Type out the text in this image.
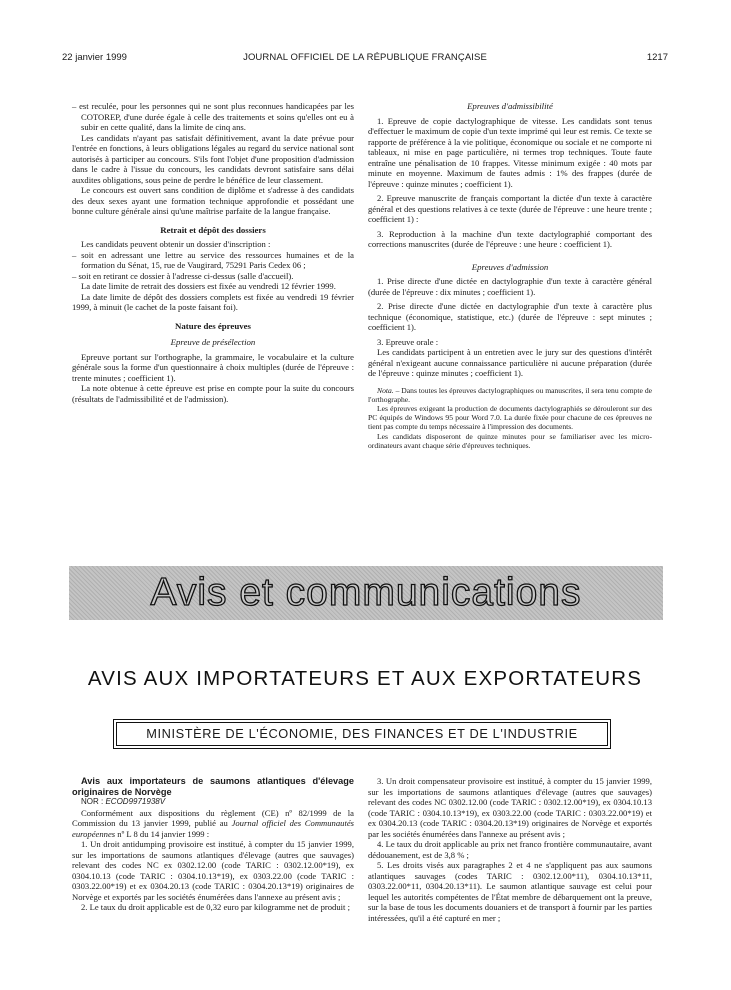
22 janvier 1999	JOURNAL OFFICIEL DE LA RÉPUBLIQUE FRANÇAISE	1217

– est reculée, pour les personnes qui ne sont plus reconnues handicapées par les COTOREP, d'une durée égale à celle des traitements et soins qu'elles ont eu à subir en cette qualité, dans la limite de cinq ans.

Les candidats n'ayant pas satisfait définitivement, avant la date prévue pour l'entrée en fonctions, à leurs obligations légales au regard du service national sont autorisés à participer au concours. S'ils font l'objet d'une proposition d'admission dans le cadre à l'issue du concours, les candidats devront satisfaire sans délai auxdites obligations, sous peine de perdre le bénéfice de leur classement.

Le concours est ouvert sans condition de diplôme et s'adresse à des candidats des deux sexes ayant une formation technique approfondie et possédant une bonne culture générale ainsi qu'une maîtrise parfaite de la langue française.

Retrait et dépôt des dossiers

Les candidats peuvent obtenir un dossier d'inscription :

– soit en adressant une lettre au service des ressources humaines et de la formation du Sénat, 15, rue de Vaugirard, 75291 Paris Cedex 06 ;

– soit en retirant ce dossier à l'adresse ci-dessus (salle d'accueil).

La date limite de retrait des dossiers est fixée au vendredi 12 février 1999.

La date limite de dépôt des dossiers complets est fixée au vendredi 19 février 1999, à minuit (le cachet de la poste faisant foi).

Nature des épreuves
Epreuve de présélection

Epreuve portant sur l'orthographe, la grammaire, le vocabulaire et la culture générale sous la forme d'un questionnaire à choix multiples (durée de l'épreuve : trente minutes ; coefficient 1).

La note obtenue à cette épreuve est prise en compte pour la suite du concours (résultats de l'admissibilité et de l'admission).

Epreuves d'admissibilité

1. Epreuve de copie dactylographique de vitesse. Les candidats sont tenus d'effectuer le maximum de copie d'un texte imprimé qui leur est remis. Ce texte se rapporte de préférence à la vie politique, économique ou sociale et ne comporte ni tableaux, ni mise en page particulière, ni termes trop techniques. Toute faute entraîne une pénalisation de 10 frappes. Vitesse minimum exigée : 40 mots par minute en moyenne. Maximum de fautes admis : 1% des frappes (durée de l'épreuve : quinze minutes ; coefficient 1).

2. Epreuve manuscrite de français comportant la dictée d'un texte à caractère général et des questions relatives à ce texte (durée de l'épreuve : une heure trente ; coefficient 1) :

3. Reproduction à la machine d'un texte dactylographié comportant des corrections manuscrites (durée de l'épreuve : une heure : coefficient 1).

Epreuves d'admission

1. Prise directe d'une dictée en dactylographie d'un texte à caractère général (durée de l'épreuve : dix minutes ; coefficient 1).

2. Prise directe d'une dictée en dactylographie d'un texte à caractère plus technique (économique, statistique, etc.) (durée de l'épreuve : sept minutes ; coefficient 1).

3. Epreuve orale :

Les candidats participent à un entretien avec le jury sur des questions d'intérêt général n'exigeant aucune connaissance particulière ni aucune préparation (durée de l'épreuve : quinze minutes ; coefficient 1).

Nota. – Dans toutes les épreuves dactylographiques ou manuscrites, il sera tenu compte de l'orthographe.

Les épreuves exigeant la production de documents dactylographiés se dérouleront sur des PC équipés de Windows 95 pour Word 7.0. La durée fixée pour chacune de ces épreuves ne tient pas compte du temps nécessaire à l'impression des documents.

Les candidats disposeront de quinze minutes pour se familiariser avec les micro-ordinateurs avant chaque série d'épreuves techniques.

Avis et communications
AVIS AUX IMPORTATEURS ET AUX EXPORTATEURS
MINISTÈRE DE L'ÉCONOMIE, DES FINANCES ET DE L'INDUSTRIE

Avis aux importateurs de saumons atlantiques d'élevage originaires de Norvège

NOR : ECOD9971938V

Conformément aux dispositions du règlement (CE) nº 82/1999 de la Commission du 13 janvier 1999, publié au Journal officiel des Communautés européennes nº L 8 du 14 janvier 1999 :

1. Un droit antidumping provisoire est institué, à compter du 15 janvier 1999, sur les importations de saumons atlantiques d'élevage (autres que sauvages) relevant des codes NC ex 0302.12.00 (code TARIC : 0302.12.00*19), ex 0304.10.13 (code TARIC : 0304.10.13*19), ex 0303.22.00 (code TARIC : 0303.22.00*19) et ex 0304.20.13 (code TARIC : 0304.20.13*19) originaires de Norvège et exportés par les sociétés énumérées dans l'annexe au présent avis ;

2. Le taux du droit applicable est de 0,32 euro par kilogramme net de produit ;

3. Un droit compensateur provisoire est institué, à compter du 15 janvier 1999, sur les importations de saumons atlantiques d'élevage (autres que sauvages) relevant des codes NC 0302.12.00 (code TARIC : 0302.12.00*19), ex 0304.10.13 (code TARIC : 0304.10.13*19), ex 0303.22.00 (code TARIC : 0303.22.00*19) et ex 0304.20.13 (code TARIC : 0304.20.13*19) originaires de Norvège et exportés par les sociétés énumérées dans l'annexe au présent avis ;

4. Le taux du droit applicable au prix net franco frontière communautaire, avant dédouanement, est de 3,8 % ;

5. Les droits visés aux paragraphes 2 et 4 ne s'appliquent pas aux saumons atlantiques sauvages (codes TARIC : 0302.12.00*11), 0304.10.13*11, 0303.22.00*11, 0304.20.13*11). Le saumon atlantique sauvage est celui pour lequel les autorités compétentes de l'État membre de débarquement ont la preuve, sur la base de tous les documents douaniers et de transport à fournir par les parties intéressées, qu'il a été capturé en mer ;
